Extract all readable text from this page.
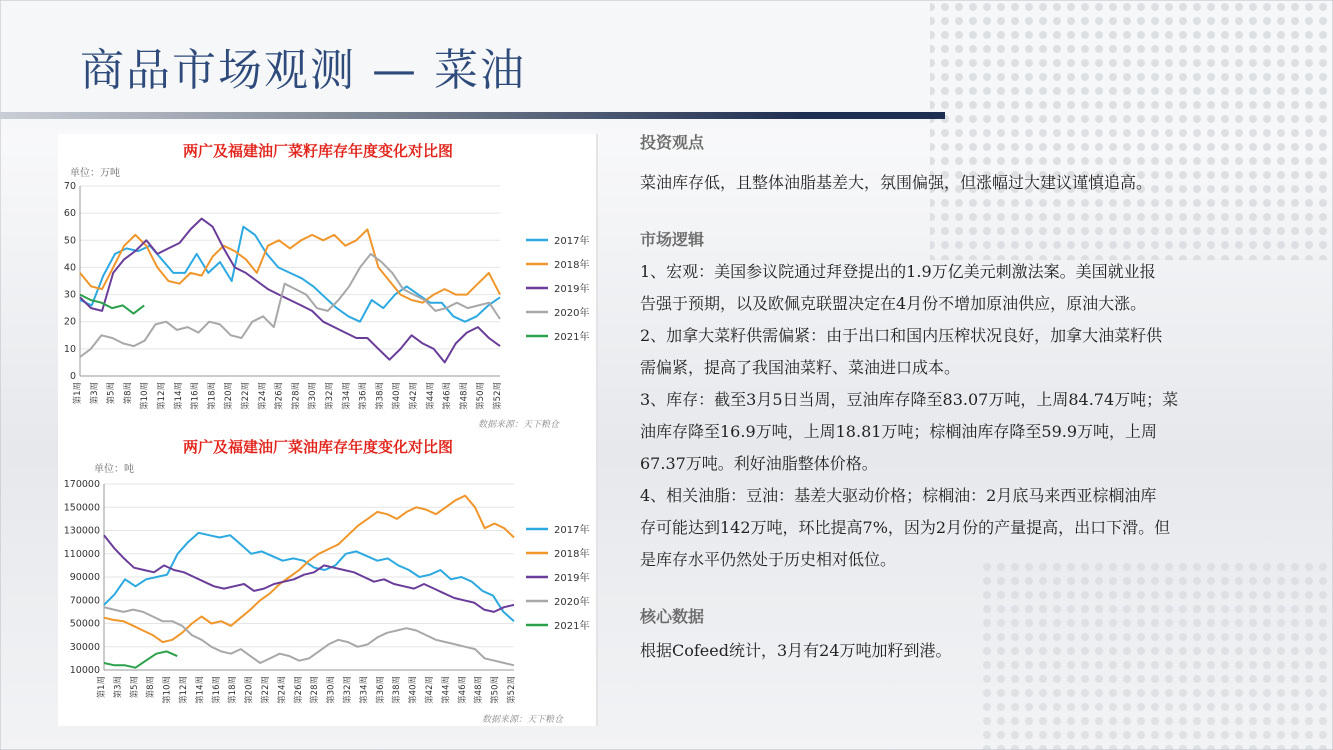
商品市场观测 — 菜油
两广及福建油厂菜籽库存年度变化对比图
单位：万吨
0
10
20
30
40
50
60
70
第1周 第3周 第5周 第8周 第10周 第12周 第14周 第16周 第18周 第20周 第22周 第24周 第26周 第28周 第30周 第32周 第34周 第36周 第38周 第40周 第42周 第44周 第46周 第48周 第50周 第52周
2017年
2018年
2019年
2020年
2021年
数据来源：天下粮仓
两广及福建油厂菜油库存年度变化对比图
单位：吨
10000
30000
50000
70000
90000
110000
130000
150000
170000
第1周 第3周 第5周 第8周 第10周 第12周 第14周 第16周 第18周 第20周 第22周 第24周 第26周 第28周 第30周 第32周 第34周 第36周 第38周 第40周 第42周 第44周 第46周 第48周 第50周 第52周
2017年
2018年
2019年
2020年
2021年
数据来源：天下粮仓

投资观点

菜油库存低，且整体油脂基差大，氛围偏强，但涨幅过大建议谨慎追高。

市场逻辑

1、宏观：美国参议院通过拜登提出的1.9万亿美元刺激法案。美国就业报

告强于预期，以及欧佩克联盟决定在4月份不增加原油供应，原油大涨。

2、加拿大菜籽供需偏紧：由于出口和国内压榨状况良好，加拿大油菜籽供

需偏紧，提高了我国油菜籽、菜油进口成本。

3、库存：截至3月5日当周，豆油库存降至83.07万吨，上周84.74万吨；菜

油库存降至16.9万吨，上周18.81万吨；棕榈油库存降至59.9万吨，上周

67.37万吨。利好油脂整体价格。

4、相关油脂：豆油：基差大驱动价格；棕榈油：2月底马来西亚棕榈油库

存可能达到142万吨，环比提高7%，因为2月份的产量提高，出口下滑。但

是库存水平仍然处于历史相对低位。

核心数据

根据Cofeed统计，3月有24万吨加籽到港。
